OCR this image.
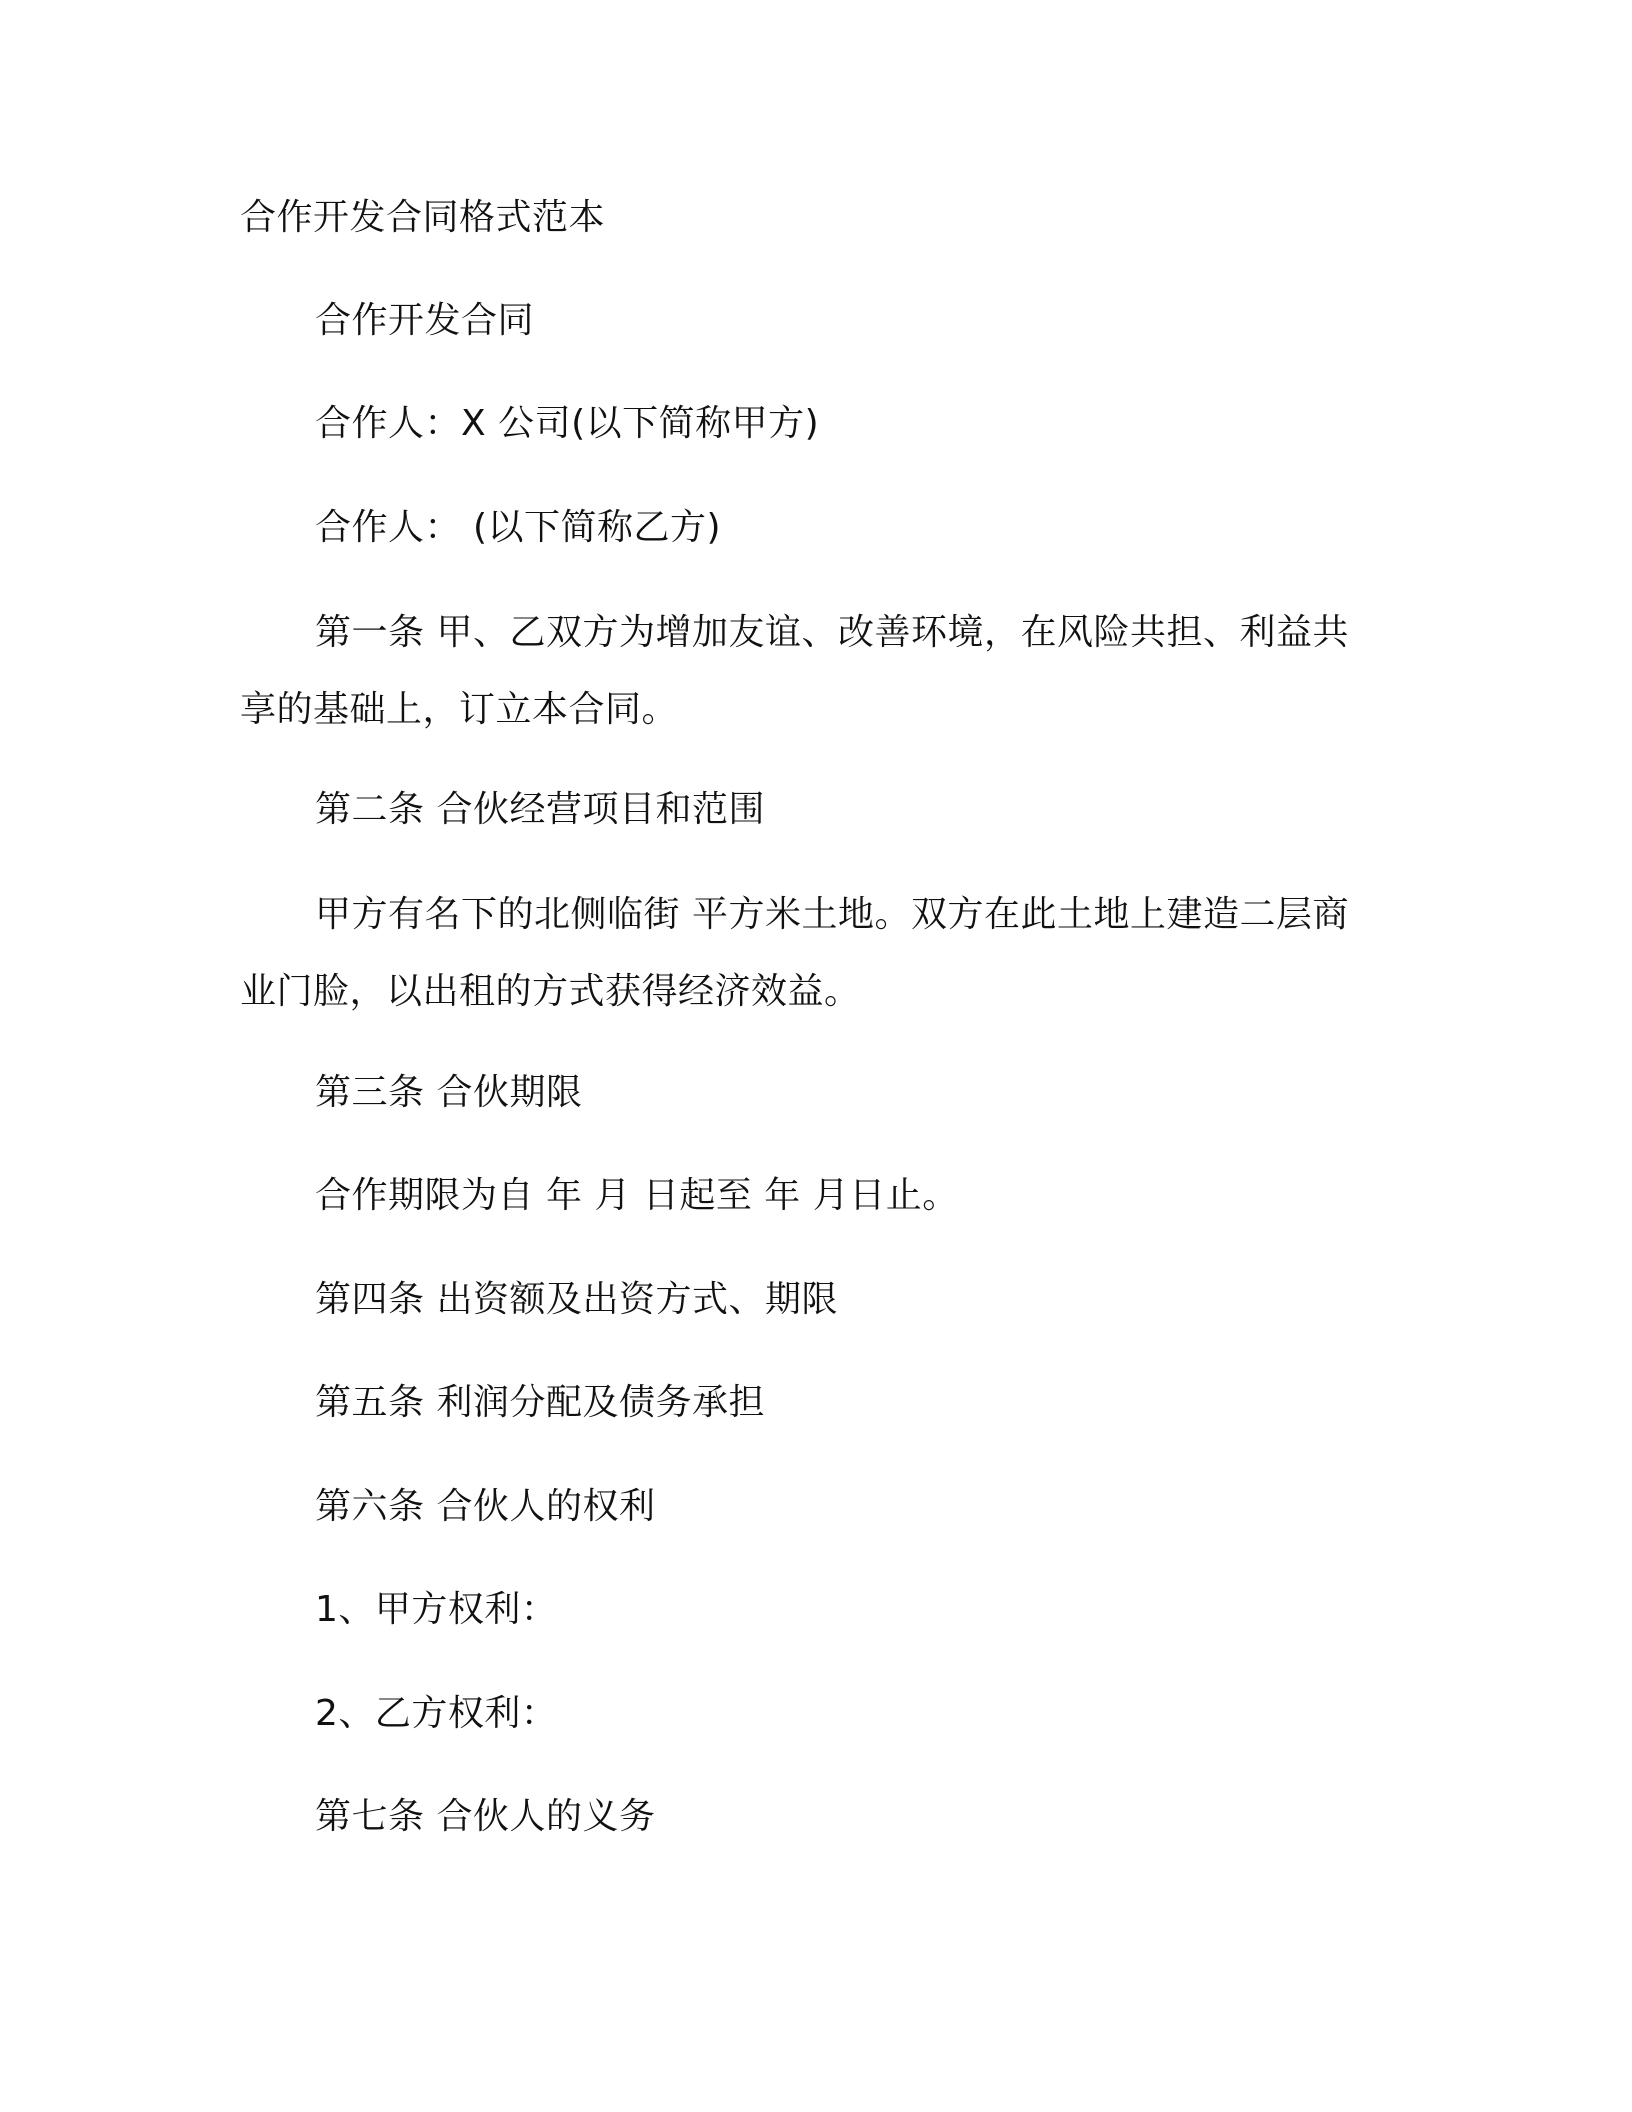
合作开发合同格式范本
合作开发合同
合作人：X 公司(以下简称甲方)
合作人： (以下简称乙方)
第一条 甲、乙双方为增加友谊、改善环境，在风险共担、利益共享的基础上，订立本合同。
第二条 合伙经营项目和范围
甲方有名下的北侧临街 平方米土地。双方在此土地上建造二层商业门脸，以出租的方式获得经济效益。
第三条 合伙期限
合作期限为自 年 月 日起至 年 月日止。
第四条 出资额及出资方式、期限
第五条 利润分配及债务承担
第六条 合伙人的权利
1、甲方权利：
2、乙方权利：
第七条 合伙人的义务
